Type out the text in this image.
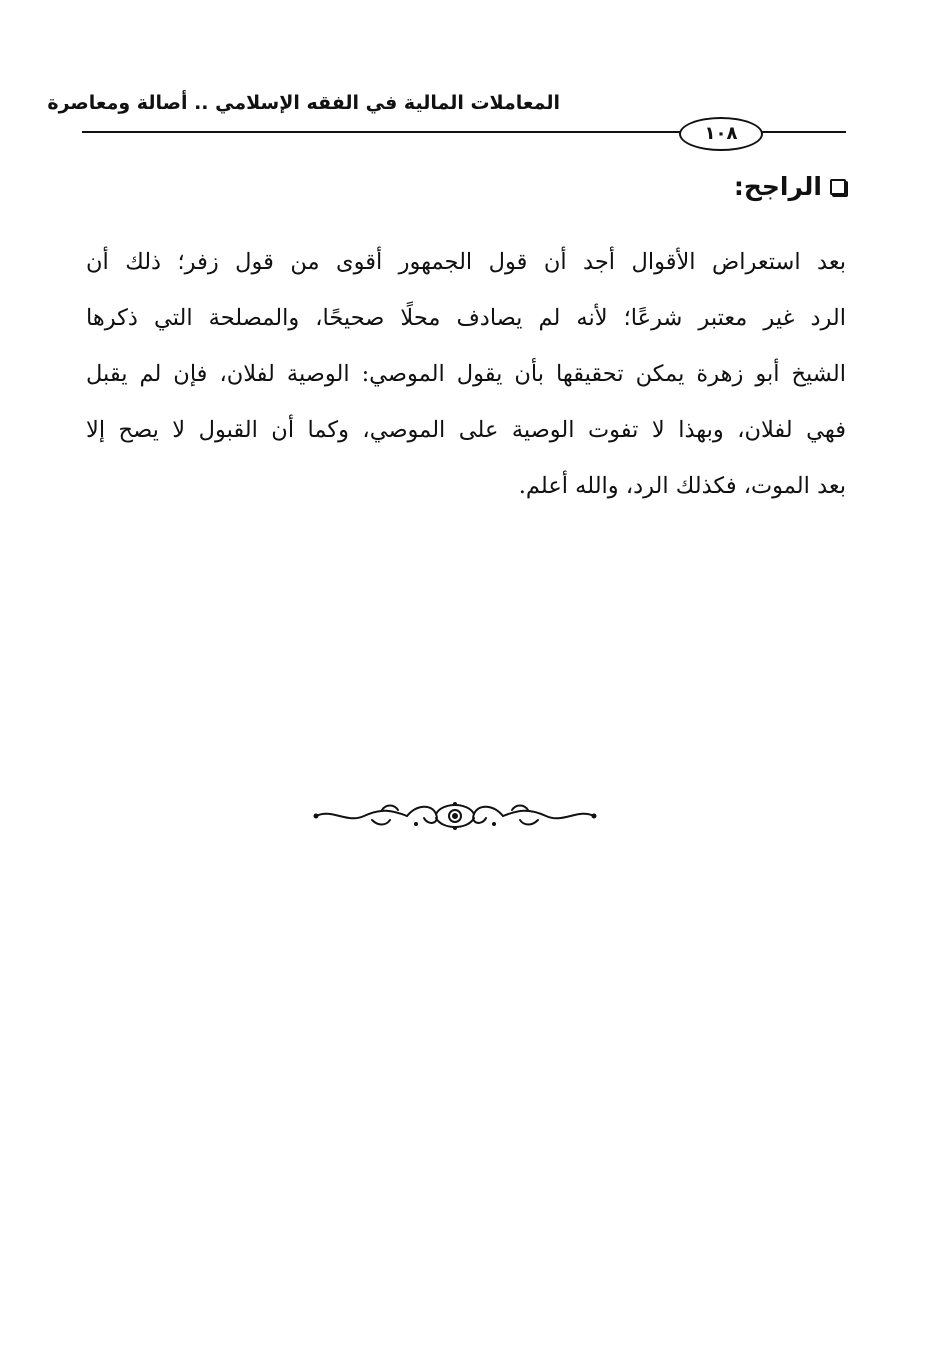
المعاملات المالية في الفقه الإسلامي .. أصالة ومعاصرة
١٠٨
الراجح:
بعد استعراض الأقوال أجد أن قول الجمهور أقوى من قول زفر؛ ذلك أن
الرد غير معتبر شرعًا؛ لأنه لم يصادف محلًا صحيحًا، والمصلحة التي ذكرها
الشيخ أبو زهرة يمكن تحقيقها بأن يقول الموصي: الوصية لفلان، فإن لم يقبل
فهي لفلان، وبهذا لا تفوت الوصية على الموصي، وكما أن القبول لا يصح إلا
بعد الموت، فكذلك الرد، والله أعلم.
